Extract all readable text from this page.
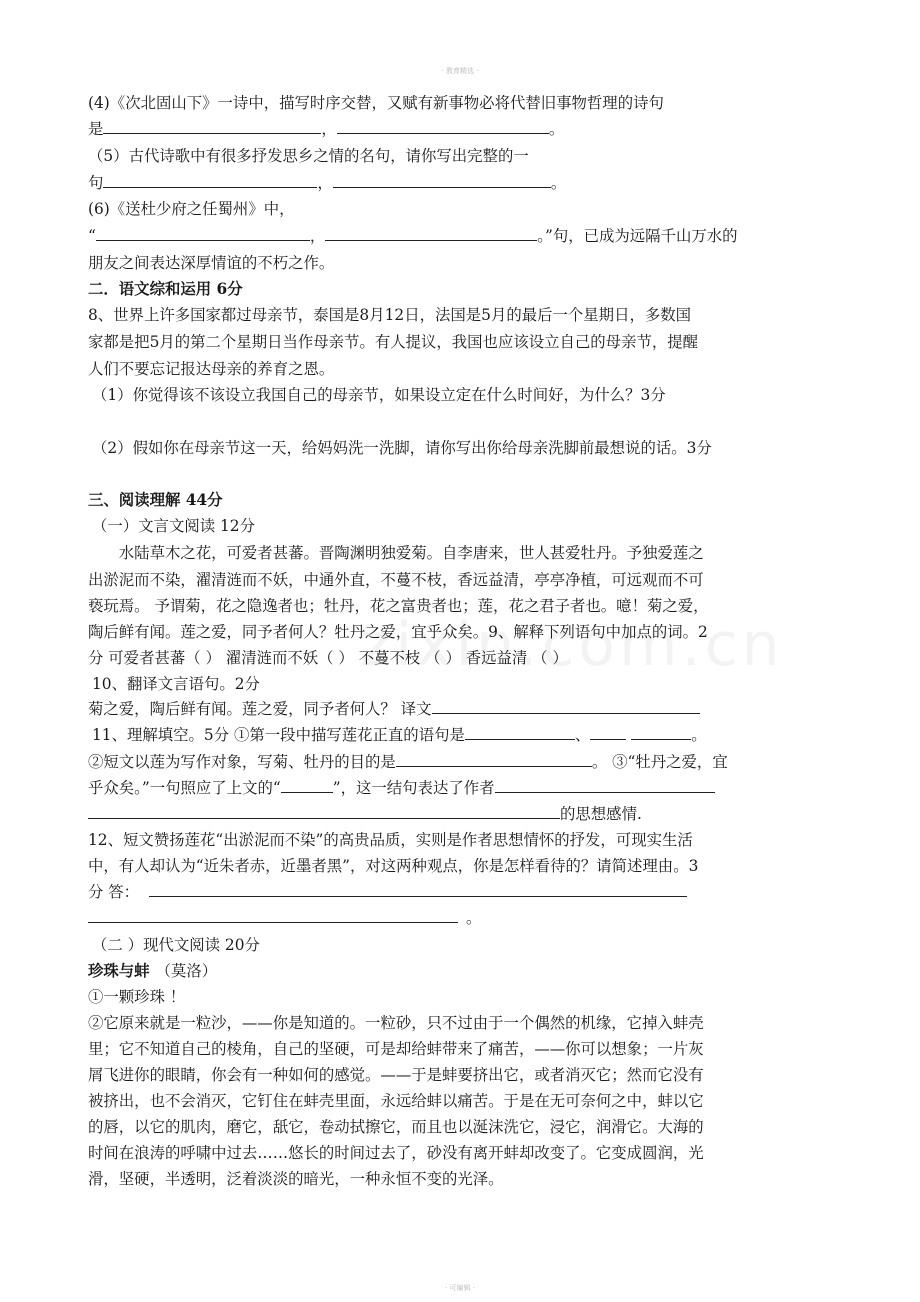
· 教育精选 ·
(4)《次北固山下》一诗中，描写时序交替，又赋有新事物必将代替旧事物哲理的诗句
是	，	。
（5）古代诗歌中有很多抒发思乡之情的名句，请你写出完整的一
句	，	。
(6)《送杜少府之任蜀州》中，
“	，	。”句，已成为远隔千山万水的
朋友之间表达深厚情谊的不朽之作。
二．语文综和运用 6分
8、世界上许多国家都过母亲节，泰国是8月12日，法国是5月的最后一个星期日，多数国
家都是把5月的第二个星期日当作母亲节。有人提议，我国也应该设立自己的母亲节，提醒
人们不要忘记报达母亲的养育之恩。
（1）你觉得该不该设立我国自己的母亲节，如果设立定在什么时间好，为什么？3分
（2）假如你在母亲节这一天，给妈妈洗一洗脚，请你写出你给母亲洗脚前最想说的话。3分
三、阅读理解 44分
（一）文言文阅读 12分
　　水陆草木之花，可爱者甚蕃。晋陶渊明独爱菊。自李唐来，世人甚爱牡丹。予独爱莲之
出淤泥而不染，濯清涟而不妖，中通外直，不蔓不枝，香远益清，亭亭净植，可远观而不可
亵玩焉。 予谓菊，花之隐逸者也；牡丹，花之富贵者也；莲，花之君子者也。噫！菊之爱，
陶后鲜有闻。莲之爱，同予者何人？牡丹之爱，宜乎众矣。9、解释下列语句中加点的词。2
分 可爱者甚蕃（ ） 濯清涟而不妖（ ） 不蔓不枝 （ ） 香远益清 （ ）
10、翻译文言语句。2分
菊之爱，陶后鲜有闻。莲之爱，同予者何人？ 译文
11、理解填空。5分 ①第一段中描写莲花正直的语句是	、	。
②短文以莲为写作对象，写菊、牡丹的目的是	。 ③“牡丹之爱，宜
乎众矣。”一句照应了上文的“	”，这一结句表达了作者
的思想感情.
12、短文赞扬莲花“出淤泥而不染”的高贵品质，实则是作者思想情怀的抒发，可现实生活
中，有人却认为“近朱者赤，近墨者黑”，对这两种观点，你是怎样看待的？请简述理由。3
分 答：
。
（二 ）现代文阅读 20分
珍珠与蚌 （莫洛）
①一颗珍珠 ！
②它原来就是一粒沙，——你是知道的。一粒砂，只不过由于一个偶然的机缘，它掉入蚌壳
里；它不知道自己的棱角，自己的坚硬，可是却给蚌带来了痛苦，——你可以想象；一片灰
屑飞进你的眼睛，你会有一种如何的感觉。——于是蚌要挤出它，或者消灭它；然而它没有
被挤出，也不会消灭，它钉住在蚌壳里面，永远给蚌以痛苦。于是在无可奈何之中，蚌以它
的唇，以它的肌肉，磨它，舐它，卷动拭擦它，而且也以涎沫洗它，浸它，润滑它。大海的
时间在浪涛的呼啸中过去……悠长的时间过去了，砂没有离开蚌却改变了。它变成圆润，光
滑，坚硬，半透明，泛着淡淡的暗光，一种永恒不变的光泽。
· 可编辑 ·
